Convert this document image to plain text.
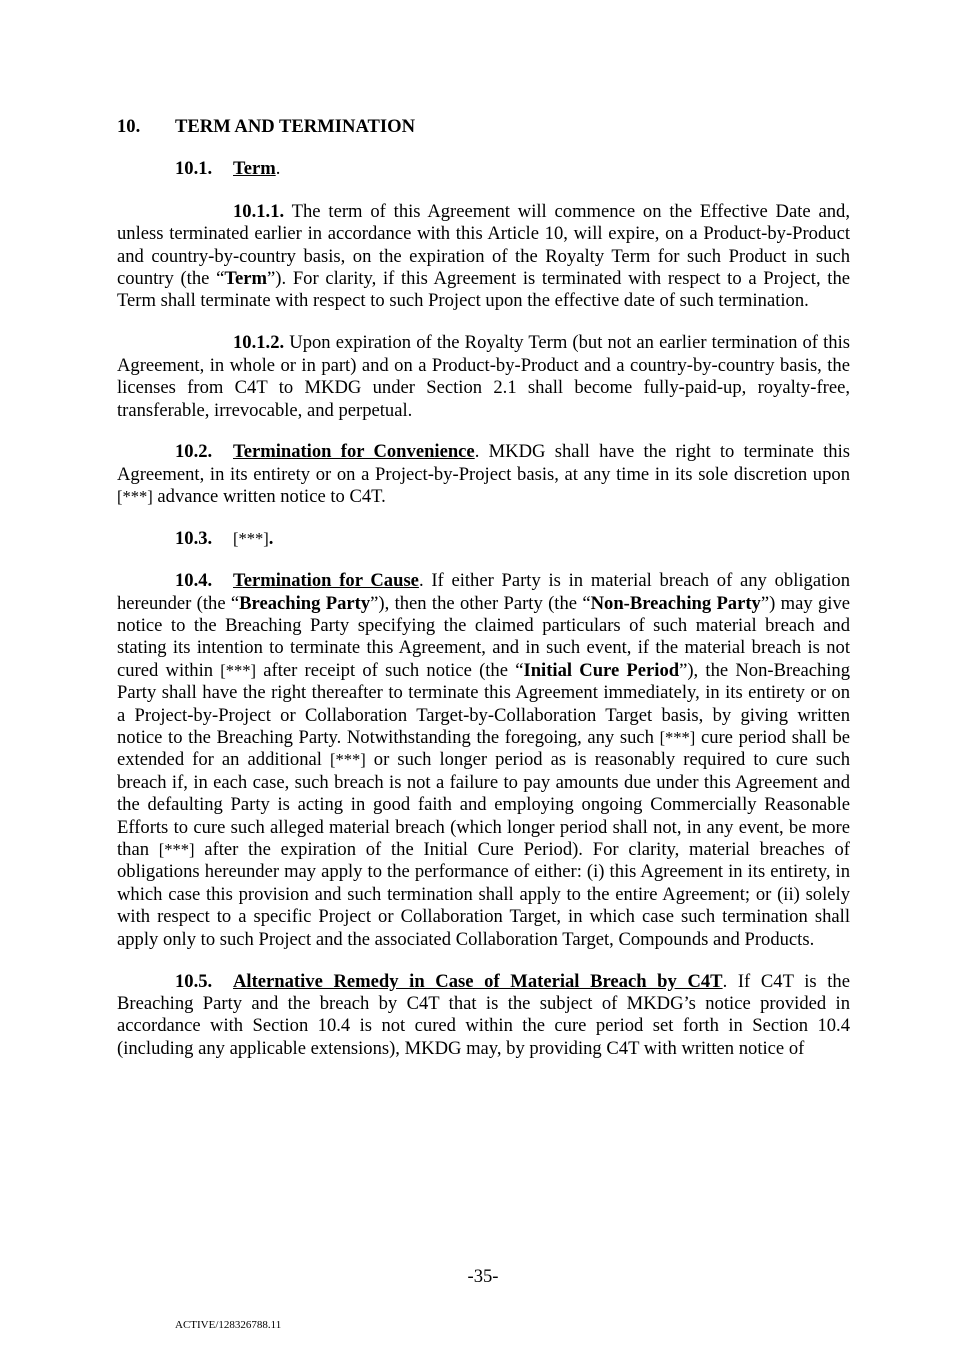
10. TERM AND TERMINATION

10.1. Term.

10.1.1. The term of this Agreement will commence on the Effective Date and, unless terminated earlier in accordance with this Article 10, will expire, on a Product-by-Product and country-by-country basis, on the expiration of the Royalty Term for such Product in such country (the “Term”). For clarity, if this Agreement is terminated with respect to a Project, the Term shall terminate with respect to such Project upon the effective date of such termination.

10.1.2. Upon expiration of the Royalty Term (but not an earlier termination of this Agreement, in whole or in part) and on a Product-by-Product and a country-by-country basis, the licenses from C4T to MKDG under Section 2.1 shall become fully-paid-up, royalty-free, transferable, irrevocable, and perpetual.

10.2. Termination for Convenience. MKDG shall have the right to terminate this Agreement, in its entirety or on a Project-by-Project basis, at any time in its sole discretion upon [***] advance written notice to C4T.

10.3. [***].

10.4. Termination for Cause. If either Party is in material breach of any obligation hereunder (the “Breaching Party”), then the other Party (the “Non-Breaching Party”) may give notice to the Breaching Party specifying the claimed particulars of such material breach and stating its intention to terminate this Agreement, and in such event, if the material breach is not cured within [***] after receipt of such notice (the “Initial Cure Period”), the Non-Breaching Party shall have the right thereafter to terminate this Agreement immediately, in its entirety or on a Project-by-Project or Collaboration Target-by-Collaboration Target basis, by giving written notice to the Breaching Party. Notwithstanding the foregoing, any such [***] cure period shall be extended for an additional [***] or such longer period as is reasonably required to cure such breach if, in each case, such breach is not a failure to pay amounts due under this Agreement and the defaulting Party is acting in good faith and employing ongoing Commercially Reasonable Efforts to cure such alleged material breach (which longer period shall not, in any event, be more than [***] after the expiration of the Initial Cure Period). For clarity, material breaches of obligations hereunder may apply to the performance of either: (i) this Agreement in its entirety, in which case this provision and such termination shall apply to the entire Agreement; or (ii) solely with respect to a specific Project or Collaboration Target, in which case such termination shall apply only to such Project and the associated Collaboration Target, Compounds and Products.

10.5. Alternative Remedy in Case of Material Breach by C4T. If C4T is the Breaching Party and the breach by C4T that is the subject of MKDG’s notice provided in accordance with Section 10.4 is not cured within the cure period set forth in Section 10.4 (including any applicable extensions), MKDG may, by providing C4T with written notice of

-35-
ACTIVE/128326788.11
